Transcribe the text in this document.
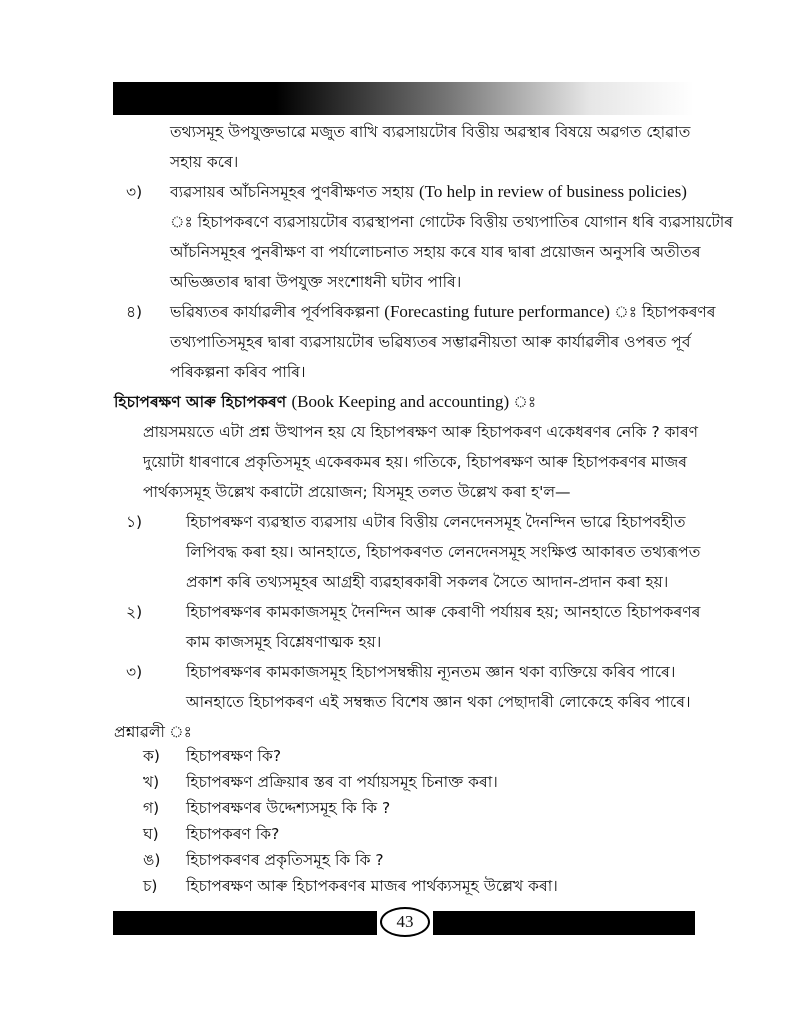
তথ্যসমূহ উপযুক্তভাৱে মজুত ৰাখি ব্যৱসায়টোৰ বিত্তীয় অৱস্থাৰ বিষয়ে অৱগত হোৱাত
সহায় কৰে।
৩) ব্যৱসায়ৰ আঁচনিসমূহৰ পুণৰীক্ষণত সহায় (To help in review of business policies)
ঃ হিচাপকৰণে ব্যৱসায়টোৰ ব্যৱস্থাপনা গোটেক বিত্তীয় তথ্যপাতিৰ যোগান ধৰি ব্যৱসায়টোৰ
আঁচনিসমূহৰ পুনৰীক্ষণ বা পৰ্যালোচনাত সহায় কৰে যাৰ দ্বাৰা প্ৰয়োজন অনুসৰি অতীতৰ
অভিজ্ঞতাৰ দ্বাৰা উপযুক্ত সংশোধনী ঘটাব পাৰি।
৪) ভৱিষ্যতৰ কাৰ্যাৱলীৰ পূৰ্বপৰিকল্পনা (Forecasting future performance) ঃ হিচাপকৰণৰ
তথ্যপাতিসমূহৰ দ্বাৰা ব্যৱসায়টোৰ ভৱিষ্যতৰ সম্ভাৱনীয়তা আৰু কাৰ্যাৱলীৰ ওপৰত পূৰ্ব
পৰিকল্পনা কৰিব পাৰি।
হিচাপৰক্ষণ আৰু হিচাপকৰণ (Book Keeping and accounting) ঃ
প্ৰায়সময়তে এটা প্ৰশ্ন উত্থাপন হয় যে হিচাপৰক্ষণ আৰু হিচাপকৰণ একেধৰণৰ নেকি ? কাৰণ
দুয়োটা ধাৰণাৰে প্ৰকৃতিসমূহ একেৰকমৰ হয়। গতিকে, হিচাপৰক্ষণ আৰু হিচাপকৰণৰ মাজৰ
পাৰ্থক্যসমূহ উল্লেখ কৰাটো প্ৰয়োজন; যিসমূহ তলত উল্লেখ কৰা হ'ল—
১)	হিচাপৰক্ষণ ব্যৱস্থাত ব্যৱসায় এটাৰ বিত্তীয় লেনদেনসমূহ দৈনন্দিন ভাৱে হিচাপবহীত
লিপিবদ্ধ কৰা হয়। আনহাতে, হিচাপকৰণত লেনদেনসমূহ সংক্ষিপ্ত আকাৰত তথ্যৰূপত
প্ৰকাশ কৰি তথ্যসমূহৰ আগ্ৰহী ব্যৱহাৰকাৰী সকলৰ সৈতে আদান-প্ৰদান কৰা হয়।
২)	হিচাপৰক্ষণৰ কামকাজসমূহ দৈনন্দিন আৰু কেৰাণী পৰ্যায়ৰ হয়; আনহাতে হিচাপকৰণৰ
কাম কাজসমূহ বিশ্লেষণাত্মক হয়।
৩)	হিচাপৰক্ষণৰ কামকাজসমূহ হিচাপসম্বন্ধীয় ন্যূনতম জ্ঞান থকা ব্যক্তিয়ে কৰিব পাৰে।
আনহাতে হিচাপকৰণ এই সম্বন্ধত বিশেষ জ্ঞান থকা পেছাদাৰী লোকেহে কৰিব পাৰে।
প্ৰশ্নাৱলী ঃ
ক) হিচাপৰক্ষণ কি?
খ) হিচাপৰক্ষণ প্ৰক্ৰিয়াৰ স্তৰ বা পৰ্যায়সমূহ চিনাক্ত কৰা।
গ) হিচাপৰক্ষণৰ উদ্দেশ্যসমূহ কি কি ?
ঘ) হিচাপকৰণ কি?
ঙ) হিচাপকৰণৰ প্ৰকৃতিসমূহ কি কি ?
চ) হিচাপৰক্ষণ আৰু হিচাপকৰণৰ মাজৰ পাৰ্থক্যসমূহ উল্লেখ কৰা।
43
